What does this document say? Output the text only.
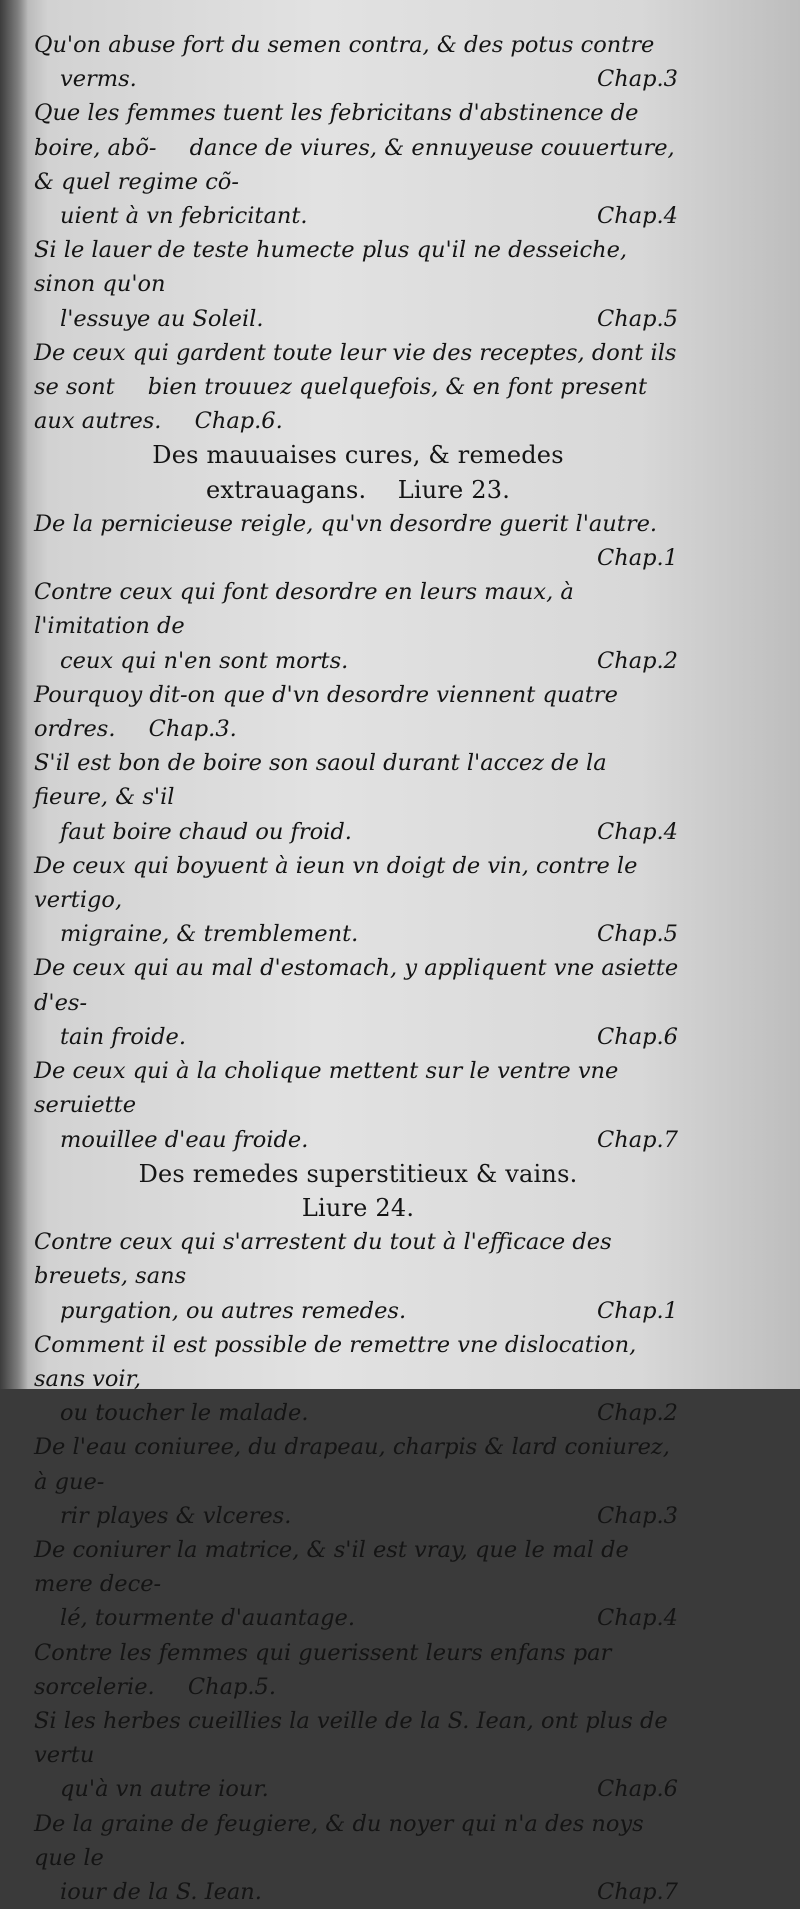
Qu'on abuse fort du semen contra, & des potus contre
verms.	Chap.3
Que les femmes tuent les febricitans d'abstinence de boire, abõ- dance de viures, & ennuyeuse couuerture, & quel regime cõ-
uient à vn febricitant.	Chap.4
Si le lauer de teste humecte plus qu'il ne desseiche, sinon qu'on
l'essuye au Soleil.	Chap.5
De ceux qui gardent toute leur vie des receptes, dont ils se sont bien trouuez quelquefois, & en font present aux autres. Chap.6.
Des mauuaises cures, & remedes
extrauagans. Liure 23.
De la pernicieuse reigle, qu'vn desordre guerit l'autre.
Chap.1
Contre ceux qui font desordre en leurs maux, à l'imitation de
ceux qui n'en sont morts.	Chap.2
Pourquoy dit-on que d'vn desordre viennent quatre ordres. Chap.3.
S'il est bon de boire son saoul durant l'accez de la fieure, & s'il
faut boire chaud ou froid.	Chap.4
De ceux qui boyuent à ieun vn doigt de vin, contre le vertigo,
migraine, & tremblement.	Chap.5
De ceux qui au mal d'estomach, y appliquent vne asiette d'es-
tain froide.	Chap.6
De ceux qui à la cholique mettent sur le ventre vne seruiette
mouillee d'eau froide.	Chap.7
Des remedes superstitieux & vains.
Liure 24.
Contre ceux qui s'arrestent du tout à l'efficace des breuets, sans
purgation, ou autres remedes.	Chap.1
Comment il est possible de remettre vne dislocation, sans voir,
ou toucher le malade.	Chap.2
De l'eau coniuree, du drapeau, charpis & lard coniurez, à gue-
rir playes & vlceres.	Chap.3
De coniurer la matrice, & s'il est vray, que le mal de mere dece-
lé, tourmente d'auantage.	Chap.4
Contre les femmes qui guerissent leurs enfans par sorcelerie. Chap.5.
Si les herbes cueillies la veille de la S. Iean, ont plus de vertu
qu'à vn autre iour.	Chap.6
De la graine de feugiere, & du noyer qui n'a des noys que le
iour de la S. Iean.	Chap.7
